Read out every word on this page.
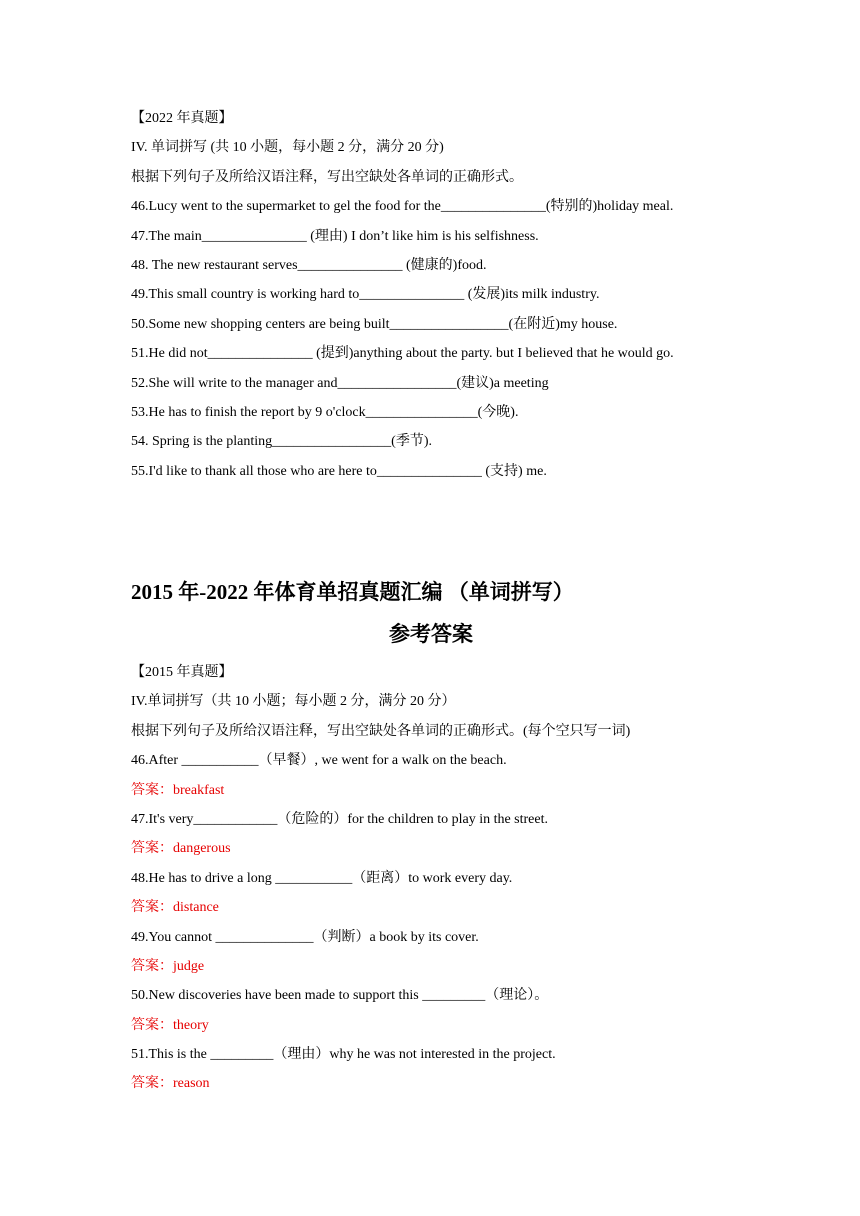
【2022 年真题】
IV. 单词拼写 (共 10 小题，每小题 2 分，满分 20 分)
根据下列句子及所给汉语注释，写出空缺处各单词的正确形式。
46.Lucy went to the supermarket to gel the food for the_______________(特别的)holiday meal.
47.The main_______________ (理由) I don’t like him is his selfishness.
48. The new restaurant serves_______________ (健康的)food.
49.This small country is working hard to_______________ (发展)its milk industry.
50.Some new shopping centers are being built_________________(在附近)my house.
51.He did not_______________ (提到)anything about the party. but I believed that he would go.
52.She will write to the manager and_________________(建议)a meeting
53.He has to finish the report by 9 o'clock________________(今晚).
54. Spring is the planting_________________(季节).
55.I'd like to thank all those who are here to_______________ (支持) me.
2015 年-2022 年体育单招真题汇编 （单词拼写）
参考答案
【2015 年真题】
IV.单词拼写（共 10 小题；每小题 2 分，满分 20 分）
根据下列句子及所给汉语注释，写出空缺处各单词的正确形式。(每个空只写一词)
46.After ___________（早餐）, we went for a walk on the beach.
答案：breakfast
47.It's very____________（危险的）for the children to play in the street.
答案：dangerous
48.He has to drive a long ___________（距离）to work every day.
答案：distance
49.You cannot ______________（判断）a book by its cover.
答案：judge
50.New discoveries have been made to support this _________（理论）。
答案：theory
51.This is the _________（理由）why he was not interested in the project.
答案：reason
